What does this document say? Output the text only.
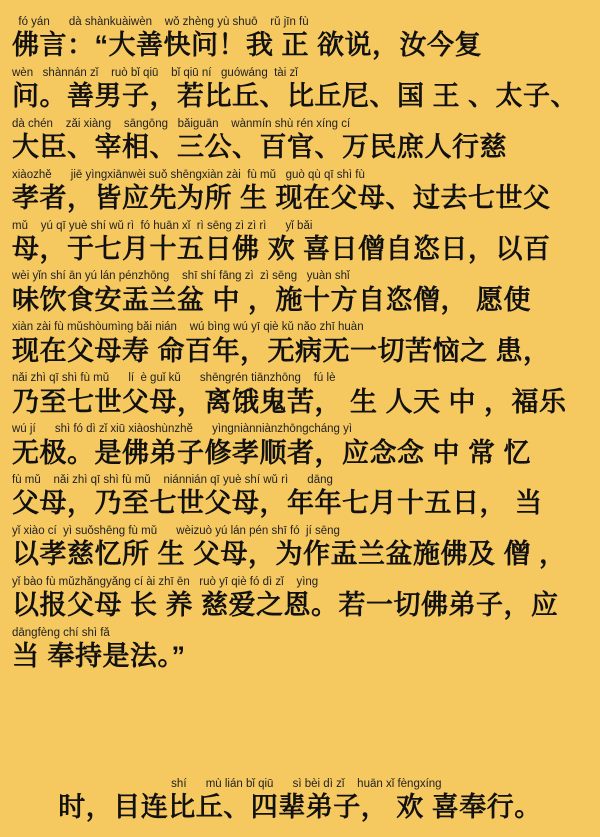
fó yán      dà shànkuàiwèn    wǒ zhèng yù shuō    rǔ jīn fù
佛言：“大善快问！我 正 欲说，汝今复
wèn   shànnán zǐ    ruò bǐ qiū    bǐ qiū ní   guówáng  tài zǐ
问。善男子，若比丘、比丘尼、国 王 、太子、
dà chén    zǎi xiàng    sāngōng   bǎiguān    wànmín shù rén xíng cí
大臣、宰相、三公、百官、万民庶人行慈
xiàozhě      jiē yìngxiānwèi suǒ shēngxiàn zài  fù mǔ   guò qù qī shì fù
孝者，皆应先为所 生 现在父母、过去七世父
mǔ    yú qī yuè shí wǔ rì  fó huān xǐ  rì sēng zì zì rì      yǐ bǎi
母，于七月十五日佛 欢 喜日僧自恣日，以百
wèi yǐn shí ān yú lán pénzhōng    shī shí fāng zì  zì sēng   yuàn shǐ
味饮食安盂兰盆 中 ，施十方自恣僧， 愿使
xiàn zài fù mǔshòumìng bǎi nián    wú bìng wú yī qiè kǔ nǎo zhī huàn
现在父母寿 命百年，无病无一切苦恼之 患，
nǎi zhì qī shì fù mǔ      lí  è guǐ kǔ      shēngrén tiānzhōng    fú lè
乃至七世父母，离饿鬼苦， 生 人天 中 ，福乐
wú jí      shì fó dì zǐ xiū xiàoshùnzhě      yìngniànniànzhōngcháng yì
无极。是佛弟子修孝顺者，应念念 中 常 忆
fù mǔ    nǎi zhì qī shì fù mǔ    niánnián qī yuè shí wǔ rì      dāng
父母，乃至七世父母，年年七月十五日， 当
yǐ xiào cí  yì suǒshēng fù mǔ      wèizuò yú lán pén shī fó  jí sēng
以孝慈忆所 生 父母，为作盂兰盆施佛及 僧 ，
yǐ bào fù mǔzhǎngyǎng cí ài zhī ēn   ruò yī qiè fó dì zǐ    yìng
以报父母 长 养 慈爱之恩。若一切佛弟子，应
dāngfèng chí shì fǎ
当 奉持是法。”
shí      mù lián bǐ qiū      sì bèi dì zǐ    huān xǐ fèngxíng
时，目连比丘、四辈弟子， 欢 喜奉行。
